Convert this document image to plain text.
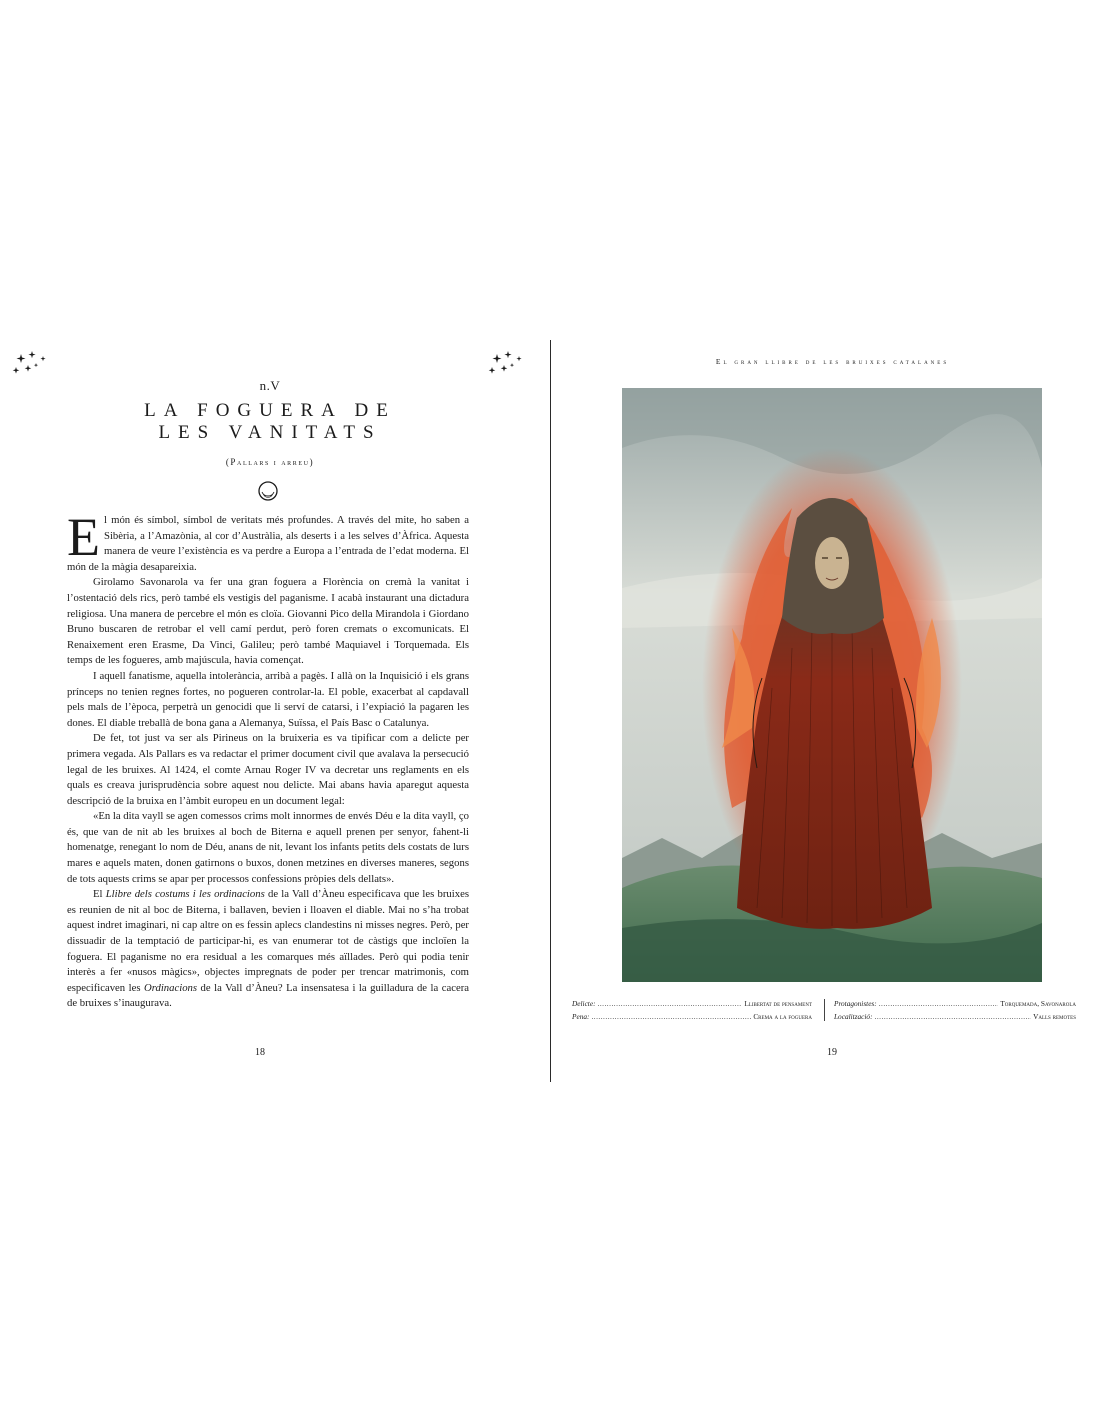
n.V
LA FOGUERA DE
LES VANITATS
(Pallars i arreu)

El món és símbol, símbol de veritats més profundes. A través del mite, ho saben a Sibèria, a l’Amazònia, al cor d’Austràlia, als deserts i a les selves d’Àfrica. Aquesta manera de veure l’existència es va perdre a Europa a l’entrada de l’edat moderna. El món de la màgia desapareixia.

Girolamo Savonarola va fer una gran foguera a Florència on cremà la vanitat i l’ostentació dels rics, però també els vestigis del paganisme. I acabà instaurant una dictadura religiosa. Una manera de percebre el món es cloïa. Giovanni Pico della Mirandola i Giordano Bruno buscaren de retrobar el vell camí perdut, però foren cremats o excomunicats. El Renaixement eren Erasme, Da Vinci, Galileu; però també Maquiavel i Torquemada. Els temps de les fogueres, amb majúscula, havia començat.

I aquell fanatisme, aquella intolerància, arribà a pagès. I allà on la Inquisició i els grans prínceps no tenien regnes fortes, no pogueren controlar-la. El poble, exacerbat al capdavall pels mals de l’època, perpetrà un genocidi que li serví de catarsi, i l’expiació la pagaren les dones. El diable treballà de bona gana a Alemanya, Suïssa, el País Basc o Catalunya.

De fet, tot just va ser als Pirineus on la bruixeria es va tipificar com a delicte per primera vegada. Als Pallars es va redactar el primer document civil que avalava la persecució legal de les bruixes. Al 1424, el comte Arnau Roger IV va decretar uns reglaments en els quals es creava jurisprudència sobre aquest nou delicte. Mai abans havia aparegut aquesta descripció de la bruixa en l’àmbit europeu en un document legal:

«En la dita vayll se agen comessos crims molt innormes de envés Déu e la dita vayll, ço és, que van de nit ab les bruixes al boch de Biterna e aquell prenen per senyor, fahent-li homenatge, renegant lo nom de Déu, anans de nit, levant los infants petits dels costats de lurs mares e aquels maten, donen gatirnons o buxos, donen metzines en diverses maneres, segons de tots aquests crims se apar per processos confessions pròpies dels dellats».

El Llibre dels costums i les ordinacions de la Vall d’Àneu especificava que les bruixes es reunien de nit al boc de Biterna, i ballaven, bevien i lloaven el diable. Mai no s’ha trobat aquest indret imaginari, ni cap altre on es fessin aplecs clandestins ni misses negres. Però, per dissuadir de la temptació de participar-hi, es van enumerar tot de càstigs que incloïen la foguera. El paganisme no era residual a les comarques més aïllades. Però qui podia tenir interès a fer «nusos màgics», objectes impregnats de poder per trencar matrimonis, com especificaven les Ordinacions de la Vall d’Àneu? La insensatesa i la guilladura de la cacera de bruixes s’inaugurava.

18
El gran llibre de les bruixes catalanes
Delicte: .....	Llibertat de pensament
Pena: .....	Crema a la foguera
Protagonistes: .....	Torquemada, Savonarola
Localització: .....	Valls remotes
19
